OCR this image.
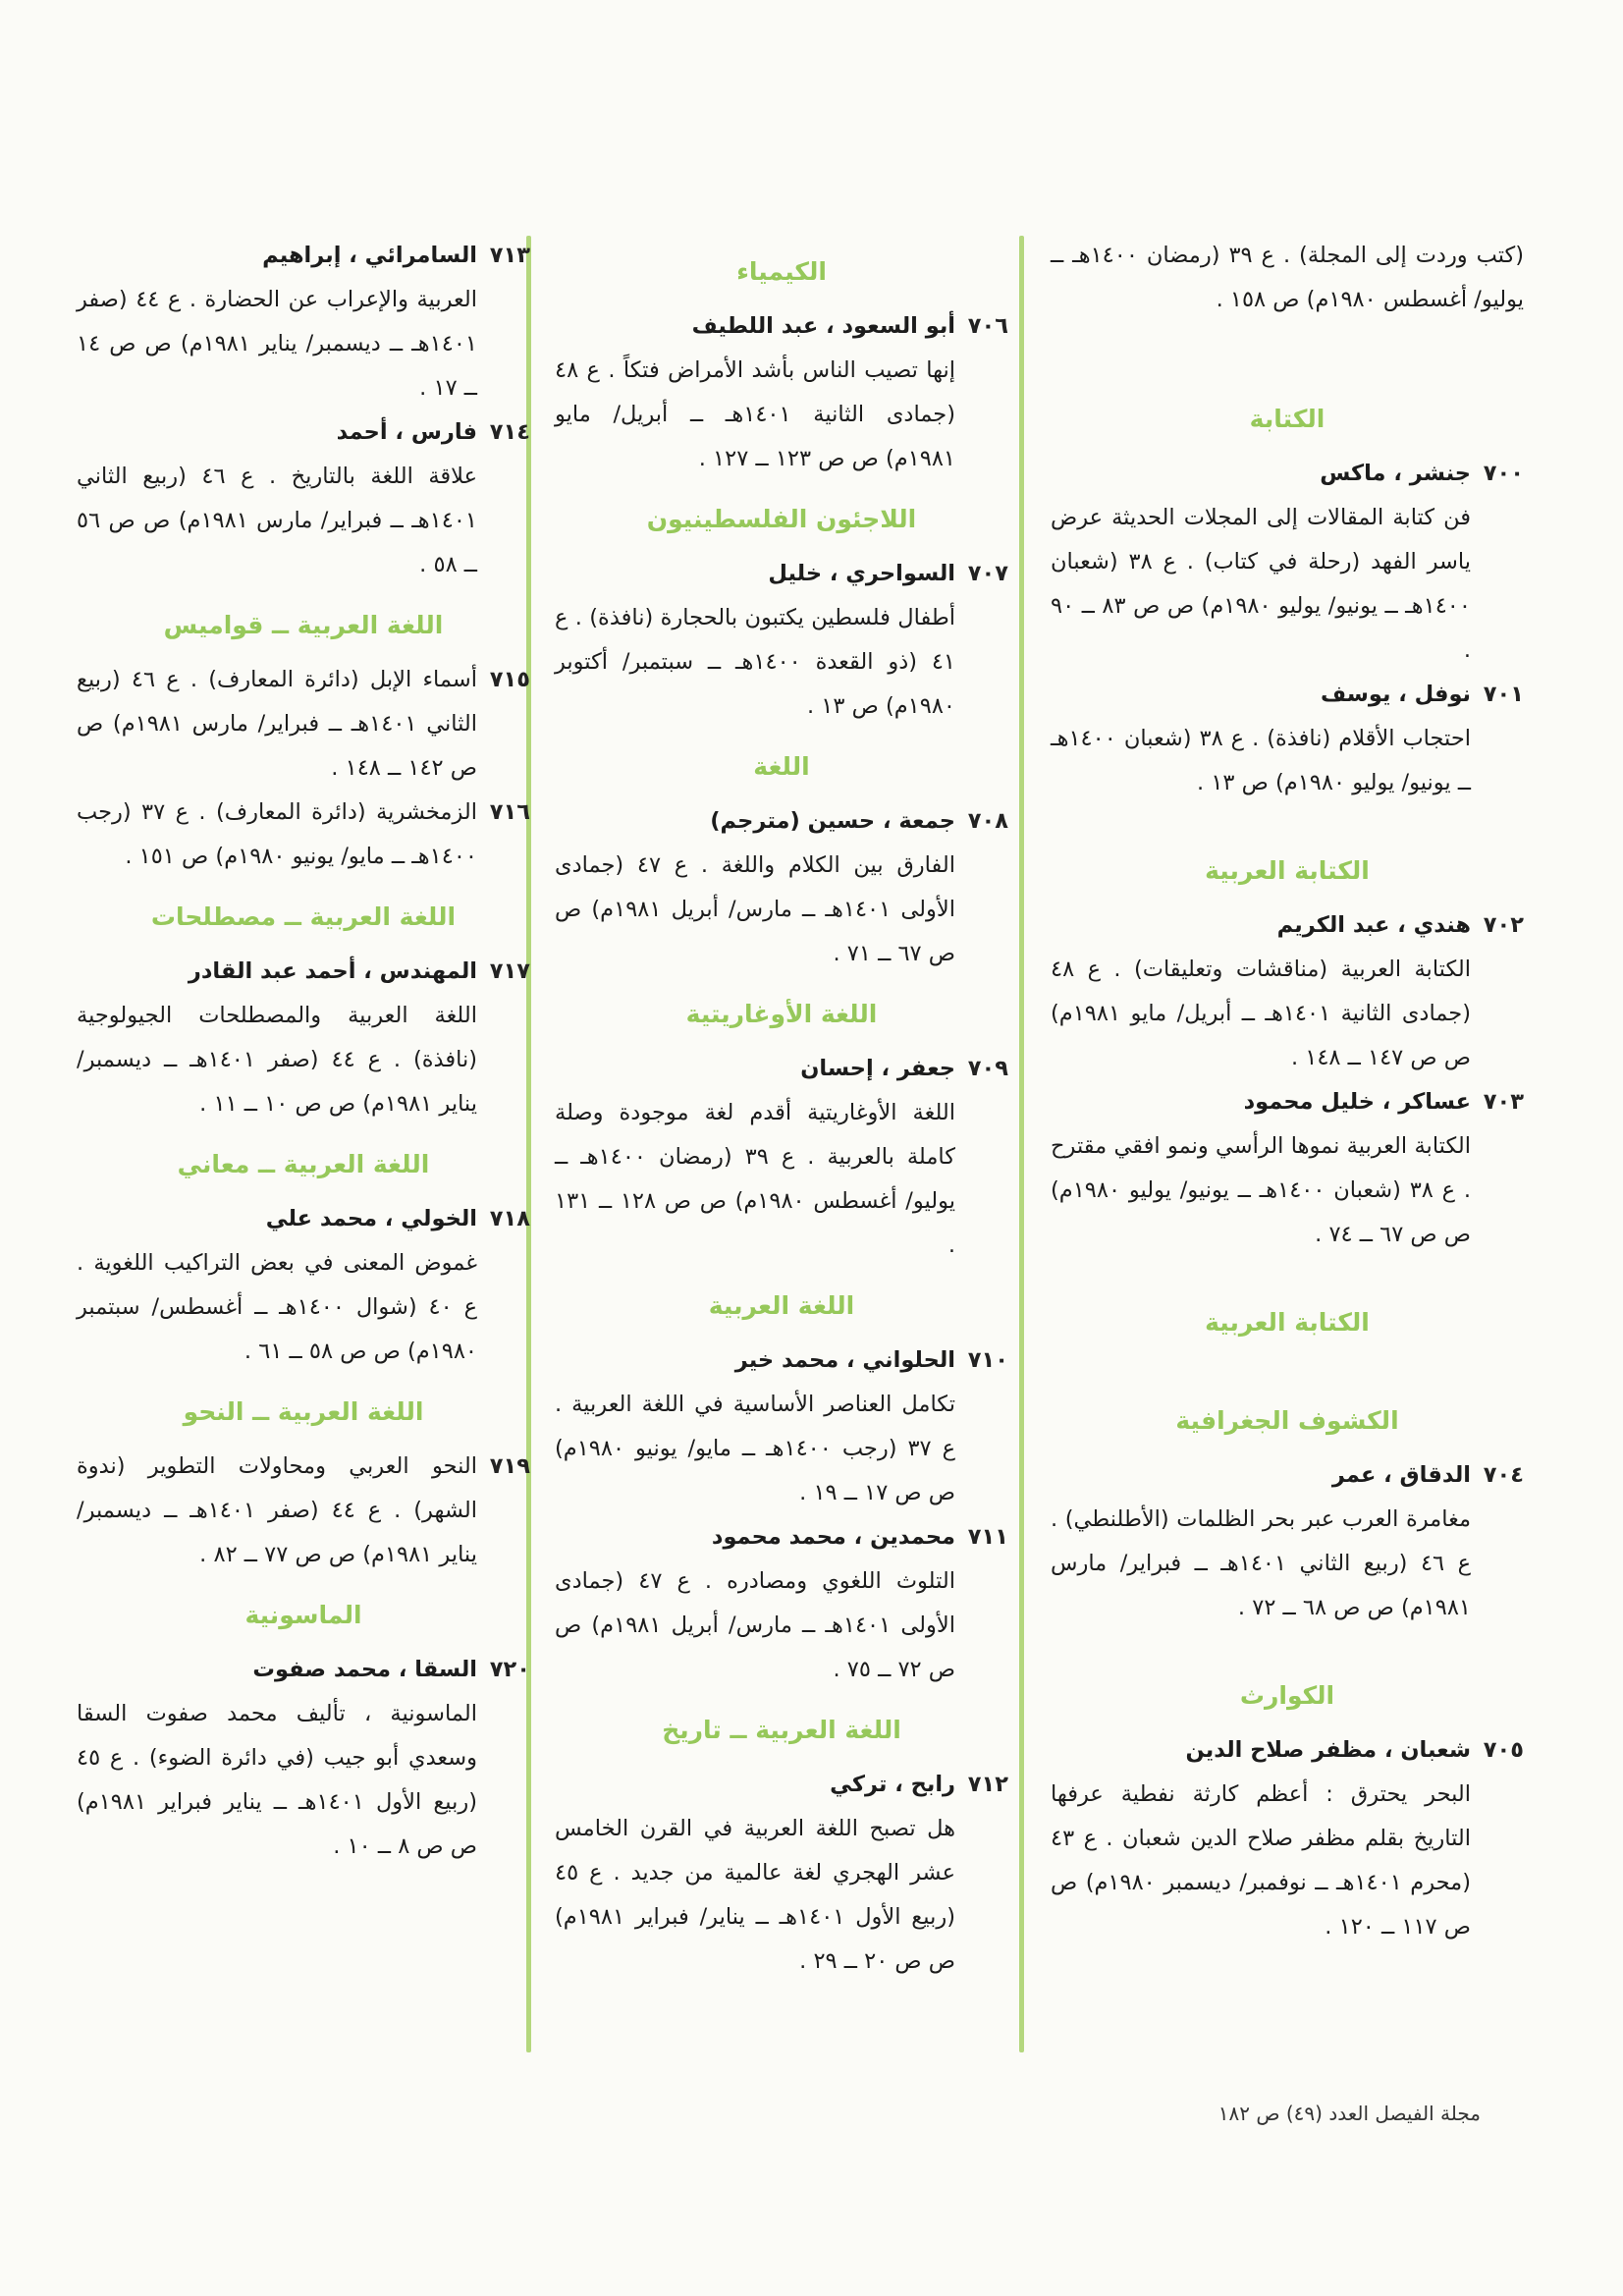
(كتب وردت إلى المجلة) . ع ٣٩ (رمضان ١٤٠٠هـ ــ يوليو/ أغسطس ١٩٨٠م) ص ١٥٨ .
الكتابة
٧٠٠
جنشر ، ماكس
فن كتابة المقالات إلى المجلات الحديثة عرض ياسر الفهد (رحلة في كتاب) . ع ٣٨ (شعبان ١٤٠٠هـ ــ يونيو/ يوليو ١٩٨٠م) ص ص ٨٣ ــ ٩٠ .
٧٠١
نوفل ، يوسف
احتجاب الأقلام (نافذة) . ع ٣٨ (شعبان ١٤٠٠هـ ــ يونيو/ يوليو ١٩٨٠م) ص ١٣ .
الكتابة العربية
٧٠٢
هندي ، عبد الكريم
الكتابة العربية (مناقشات وتعليقات) . ع ٤٨ (جمادى الثانية ١٤٠١هـ ــ أبريل/ مايو ١٩٨١م) ص ص ١٤٧ ــ ١٤٨ .
٧٠٣
عساكر ، خليل محمود
الكتابة العربية نموها الرأسي ونمو افقي مقترح . ع ٣٨ (شعبان ١٤٠٠هـ ــ يونيو/ يوليو ١٩٨٠م) ص ص ٦٧ ــ ٧٤ .
الكتابة العربية
الكشوف الجغرافية
٧٠٤
الدقاق ، عمر
مغامرة العرب عبر بحر الظلمات (الأطلنطي) . ع ٤٦ (ربيع الثاني ١٤٠١هـ ــ فبراير/ مارس ١٩٨١م) ص ص ٦٨ ــ ٧٢ .
الكوارث
٧٠٥
شعبان ، مظفر صلاح الدين
البحر يحترق : أعظم كارثة نفطية عرفها التاريخ بقلم مظفر صلاح الدين شعبان . ع ٤٣ (محرم ١٤٠١هـ ــ نوفمبر/ ديسمبر ١٩٨٠م) ص ص ١١٧ ــ ١٢٠ .
الكيمياء
٧٠٦
أبو السعود ، عبد اللطيف
إنها تصيب الناس بأشد الأمراض فتكاً . ع ٤٨ (جمادى الثانية ١٤٠١هـ ــ أبريل/ مايو ١٩٨١م) ص ص ١٢٣ ــ ١٢٧ .
اللاجئون الفلسطينيون
٧٠٧
السواحري ، خليل
أطفال فلسطين يكتبون بالحجارة (نافذة) . ع ٤١ (ذو القعدة ١٤٠٠هـ ــ سبتمبر/ أكتوبر ١٩٨٠م) ص ١٣ .
اللغة
٧٠٨
جمعة ، حسين (مترجم)
الفارق بين الكلام واللغة . ع ٤٧ (جمادى الأولى ١٤٠١هـ ــ مارس/ أبريل ١٩٨١م) ص ص ٦٧ ــ ٧١ .
اللغة الأوغاريتية
٧٠٩
جعفر ، إحسان
اللغة الأوغاريتية أقدم لغة موجودة وصلة كاملة بالعربية . ع ٣٩ (رمضان ١٤٠٠هـ ــ يوليو/ أغسطس ١٩٨٠م) ص ص ١٢٨ ــ ١٣١ .
اللغة العربية
٧١٠
الحلواني ، محمد خير
تكامل العناصر الأساسية في اللغة العربية . ع ٣٧ (رجب ١٤٠٠هـ ــ مايو/ يونيو ١٩٨٠م) ص ص ١٧ ــ ١٩ .
٧١١
محمدين ، محمد محمود
التلوث اللغوي ومصادره . ع ٤٧ (جمادى الأولى ١٤٠١هـ ــ مارس/ أبريل ١٩٨١م) ص ص ٧٢ ــ ٧٥ .
اللغة العربية ــ تاريخ
٧١٢
رابح ، تركي
هل تصبح اللغة العربية في القرن الخامس عشر الهجري لغة عالمية من جديد . ع ٤٥ (ربيع الأول ١٤٠١هـ ــ يناير/ فبراير ١٩٨١م) ص ص ٢٠ ــ ٢٩ .
٧١٣
السامرائي ، إبراهيم
العربية والإعراب عن الحضارة . ع ٤٤ (صفر ١٤٠١هـ ــ ديسمبر/ يناير ١٩٨١م) ص ص ١٤ ــ ١٧ .
٧١٤
فارس ، أحمد
علاقة اللغة بالتاريخ . ع ٤٦ (ربيع الثاني ١٤٠١هـ ــ فبراير/ مارس ١٩٨١م) ص ص ٥٦ ــ ٥٨ .
اللغة العربية ــ قواميس
٧١٥
أسماء الإبل (دائرة المعارف) . ع ٤٦ (ربيع الثاني ١٤٠١هـ ــ فبراير/ مارس ١٩٨١م) ص ص ١٤٢ ــ ١٤٨ .
٧١٦
الزمخشرية (دائرة المعارف) . ع ٣٧ (رجب ١٤٠٠هـ ــ مايو/ يونيو ١٩٨٠م) ص ١٥١ .
اللغة العربية ــ مصطلحات
٧١٧
المهندس ، أحمد عبد القادر
اللغة العربية والمصطلحات الجيولوجية (نافذة) . ع ٤٤ (صفر ١٤٠١هـ ــ ديسمبر/ يناير ١٩٨١م) ص ص ١٠ ــ ١١ .
اللغة العربية ــ معاني
٧١٨
الخولي ، محمد علي
غموض المعنى في بعض التراكيب اللغوية . ع ٤٠ (شوال ١٤٠٠هـ ــ أغسطس/ سبتمبر ١٩٨٠م) ص ص ٥٨ ــ ٦١ .
اللغة العربية ــ النحو
٧١٩
النحو العربي ومحاولات التطوير (ندوة الشهر) . ع ٤٤ (صفر ١٤٠١هـ ــ ديسمبر/ يناير ١٩٨١م) ص ص ٧٧ ــ ٨٢ .
الماسونية
٧٢٠
السقا ، محمد صفوت
الماسونية ، تأليف محمد صفوت السقا وسعدي أبو جيب (في دائرة الضوء) . ع ٤٥ (ربيع الأول ١٤٠١هـ ــ يناير فبراير ١٩٨١م) ص ص ٨ ــ ١٠ .
مجلة الفيصل العدد (٤٩) ص ١٨٢
